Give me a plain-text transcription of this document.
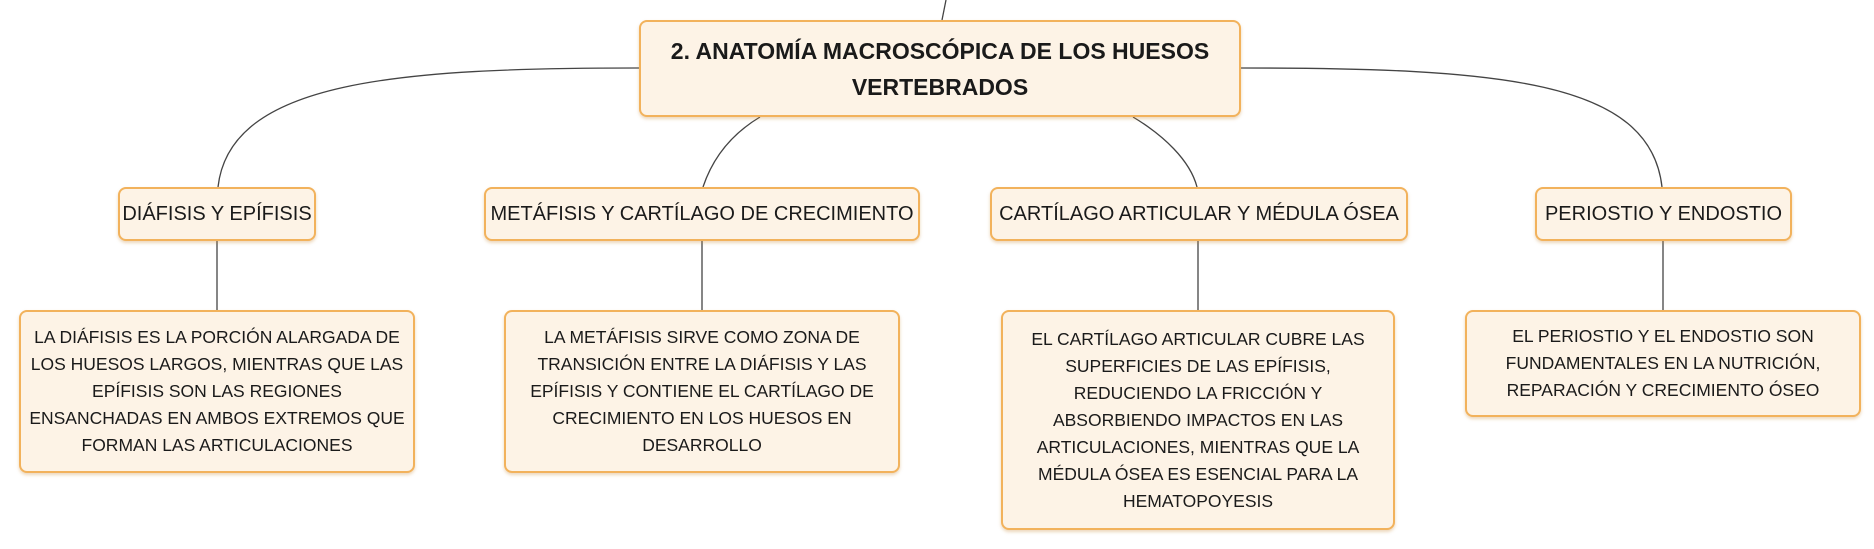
2. ANATOMÍA MACROSCÓPICA DE LOS HUESOS VERTEBRADOS
DIÁFISIS Y EPÍFISIS	METÁFISIS Y CARTÍLAGO DE CRECIMIENTO	CARTÍLAGO ARTICULAR Y MÉDULA ÓSEA	PERIOSTIO Y ENDOSTIO
LA DIÁFISIS ES LA PORCIÓN ALARGADA DE LOS HUESOS LARGOS, MIENTRAS QUE LAS EPÍFISIS SON LAS REGIONES ENSANCHADAS EN AMBOS EXTREMOS QUE FORMAN LAS ARTICULACIONES
LA METÁFISIS SIRVE COMO ZONA DE TRANSICIÓN ENTRE LA DIÁFISIS Y LAS EPÍFISIS Y CONTIENE EL CARTÍLAGO DE CRECIMIENTO EN LOS HUESOS EN DESARROLLO
EL CARTÍLAGO ARTICULAR CUBRE LAS SUPERFICIES DE LAS EPÍFISIS, REDUCIENDO LA FRICCIÓN Y ABSORBIENDO IMPACTOS EN LAS ARTICULACIONES, MIENTRAS QUE LA MÉDULA ÓSEA ES ESENCIAL PARA LA HEMATOPOYESIS
EL PERIOSTIO Y EL ENDOSTIO SON FUNDAMENTALES EN LA NUTRICIÓN, REPARACIÓN Y CRECIMIENTO ÓSEO
